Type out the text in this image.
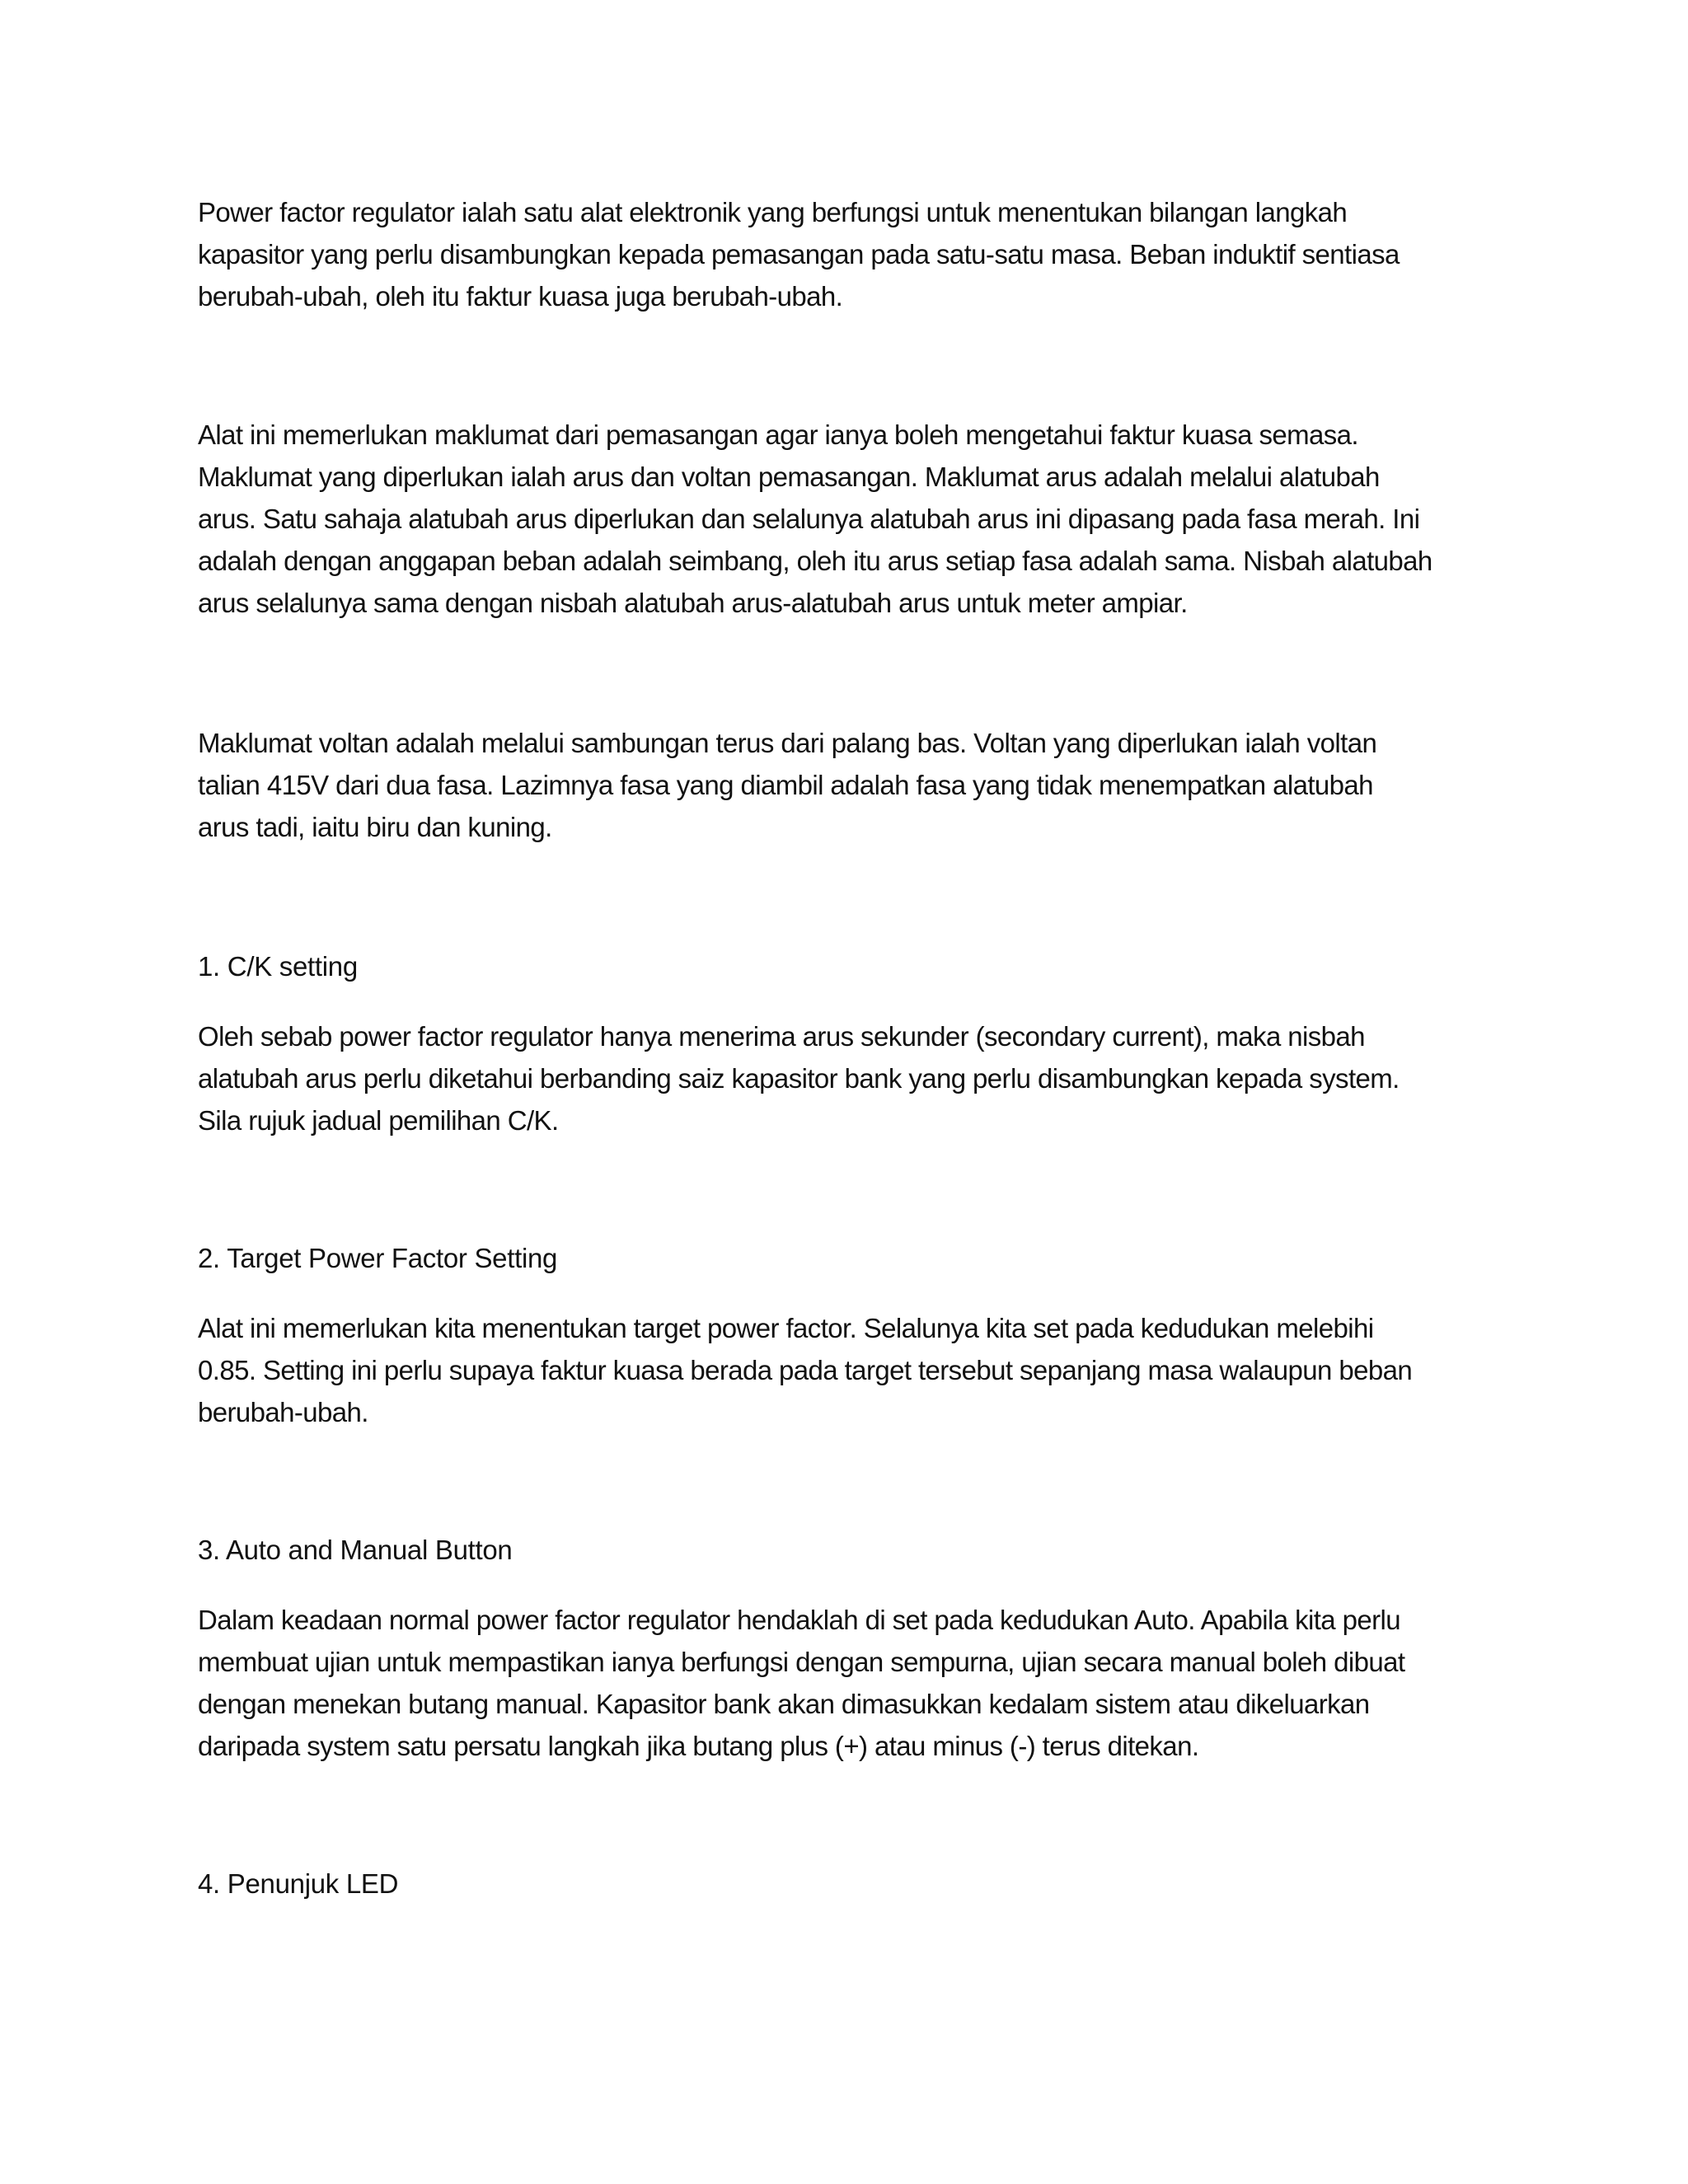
Power factor regulator ialah satu alat elektronik yang berfungsi untuk menentukan bilangan langkah
kapasitor yang perlu disambungkan kepada pemasangan pada satu-satu masa. Beban induktif sentiasa
berubah-ubah, oleh itu faktur kuasa juga berubah-ubah.

Alat ini memerlukan maklumat dari pemasangan agar ianya boleh mengetahui faktur kuasa semasa.
Maklumat yang diperlukan ialah arus dan voltan pemasangan. Maklumat arus adalah melalui alatubah
arus. Satu sahaja alatubah arus diperlukan dan selalunya alatubah arus ini dipasang pada fasa merah. Ini
adalah dengan anggapan beban adalah seimbang, oleh itu arus setiap fasa adalah sama. Nisbah alatubah
arus selalunya sama dengan nisbah alatubah arus-alatubah arus untuk meter ampiar.

Maklumat voltan adalah melalui sambungan terus dari palang bas. Voltan yang diperlukan ialah voltan
talian 415V dari dua fasa. Lazimnya fasa yang diambil adalah fasa yang tidak menempatkan alatubah
arus tadi, iaitu biru dan kuning.

1. C/K setting

Oleh sebab power factor regulator hanya menerima arus sekunder (secondary current), maka nisbah
alatubah arus perlu diketahui berbanding saiz kapasitor bank yang perlu disambungkan kepada system.
Sila rujuk jadual pemilihan C/K.

2. Target Power Factor Setting

Alat ini memerlukan kita menentukan target power factor. Selalunya kita set pada kedudukan melebihi
0.85. Setting ini perlu supaya faktur kuasa berada pada target tersebut sepanjang masa walaupun beban
berubah-ubah.

3. Auto and Manual Button

Dalam keadaan normal power factor regulator hendaklah di set pada kedudukan Auto. Apabila kita perlu
membuat ujian untuk mempastikan ianya berfungsi dengan sempurna, ujian secara manual boleh dibuat
dengan menekan butang manual. Kapasitor bank akan dimasukkan kedalam sistem atau dikeluarkan
daripada system satu persatu langkah jika butang plus (+) atau minus (-) terus ditekan.

4. Penunjuk LED
